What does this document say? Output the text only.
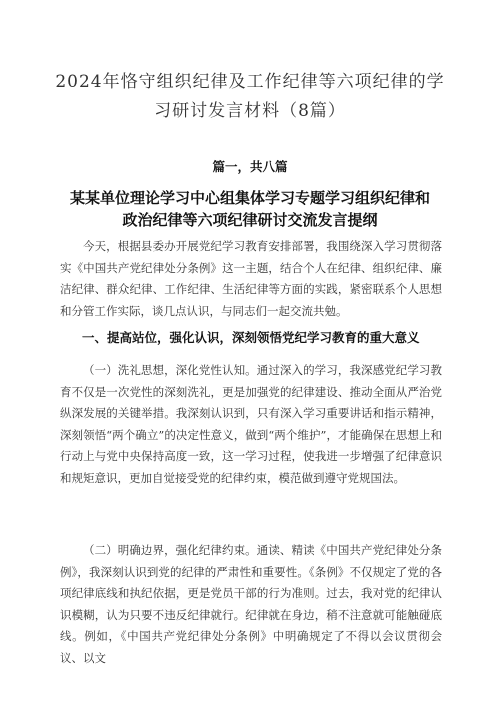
2024年恪守组织纪律及工作纪律等六项纪律的学习研讨发言材料（8篇）
篇一，共八篇
某某单位理论学习中心组集体学习专题学习组织纪律和政治纪律等六项纪律研讨交流发言提纲

今天，根据县委办开展党纪学习教育安排部署，我围绕深入学习贯彻落实《中国共产党纪律处分条例》这一主题，结合个人在纪律、组织纪律、廉洁纪律、群众纪律、工作纪律、生活纪律等方面的实践，紧密联系个人思想和分管工作实际，谈几点认识，与同志们一起交流共勉。

一、提高站位，强化认识，深刻领悟党纪学习教育的重大意义

（一）洗礼思想，深化党性认知。通过深入的学习，我深感党纪学习教育不仅是一次党性的深刻洗礼，更是加强党的纪律建设、推动全面从严治党纵深发展的关键举措。我深刻认识到，只有深入学习重要讲话和指示精神，深刻领悟“两个确立”的决定性意义，做到“两个维护”，才能确保在思想上和行动上与党中央保持高度一致，这一学习过程，使我进一步增强了纪律意识和规矩意识，更加自觉接受党的纪律约束，模范做到遵守党规国法。

（二）明确边界，强化纪律约束。通读、精读《中国共产党纪律处分条例》，我深刻认识到党的纪律的严肃性和重要性。《条例》不仅规定了党的各项纪律底线和执纪依据，更是党员干部的行为准则。过去，我对党的纪律认识模糊，认为只要不违反纪律就行。纪律就在身边，稍不注意就可能触碰底线。例如，《中国共产党纪律处分条例》中明确规定了不得以会议贯彻会议、以文
